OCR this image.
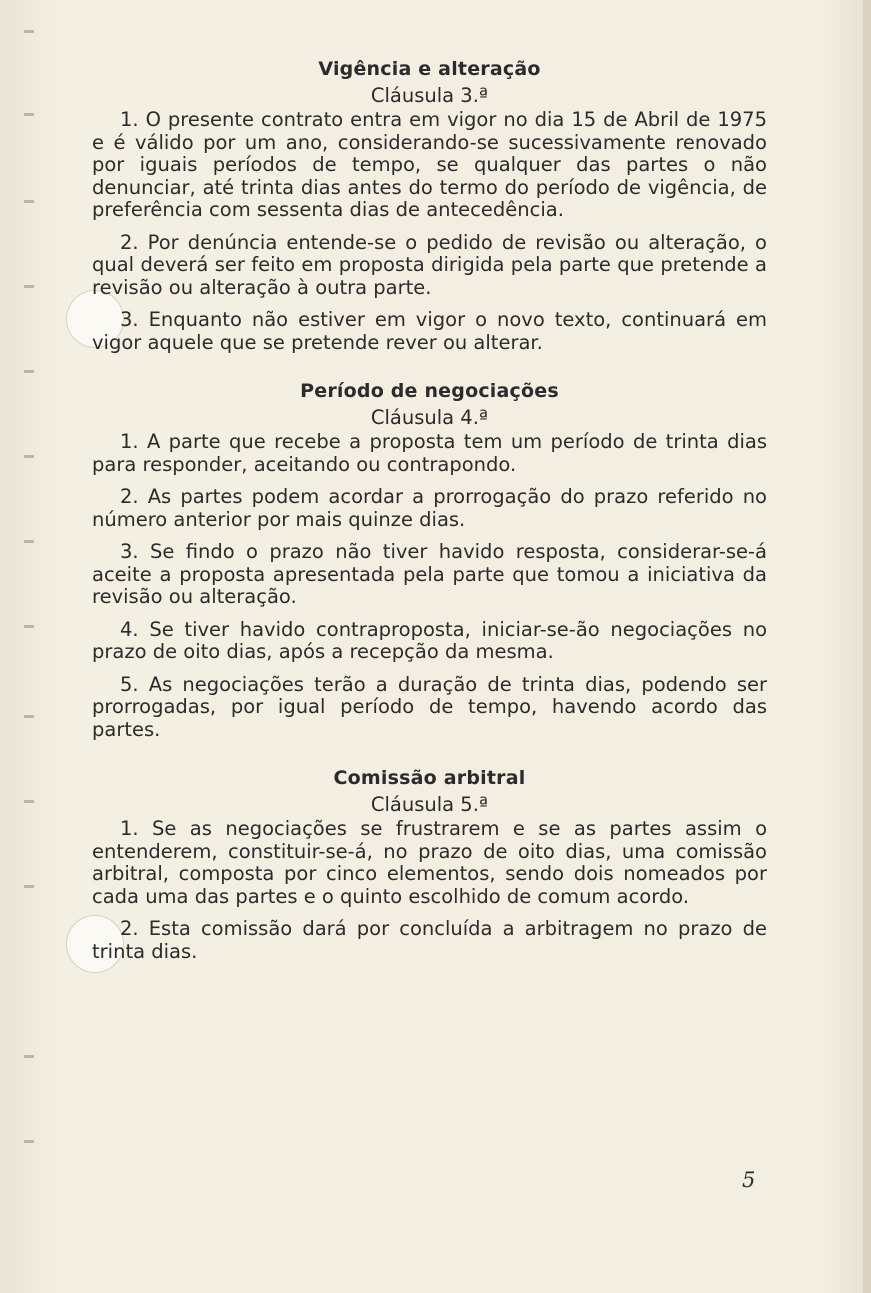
Vigência e alteração
Cláusula 3.ª

1. O presente contrato entra em vigor no dia 15 de Abril de 1975 e é válido por um ano, considerando-se sucessivamente renovado por iguais períodos de tempo, se qualquer das partes o não denunciar, até trinta dias antes do termo do período de vigência, de preferência com sessenta dias de antecedência.

2. Por denúncia entende-se o pedido de revisão ou alteração, o qual deverá ser feito em proposta dirigida pela parte que pretende a revisão ou alteração à outra parte.

3. Enquanto não estiver em vigor o novo texto, continuará em vigor aquele que se pretende rever ou alterar.

Período de negociações
Cláusula 4.ª

1. A parte que recebe a proposta tem um período de trinta dias para responder, aceitando ou contrapondo.

2. As partes podem acordar a prorrogação do prazo referido no número anterior por mais quinze dias.

3. Se findo o prazo não tiver havido resposta, considerar-se-á aceite a proposta apresentada pela parte que tomou a iniciativa da revisão ou alteração.

4. Se tiver havido contraproposta, iniciar-se-ão negociações no prazo de oito dias, após a recepção da mesma.

5. As negociações terão a duração de trinta dias, podendo ser prorrogadas, por igual período de tempo, havendo acordo das partes.

Comissão arbitral
Cláusula 5.ª

1. Se as negociações se frustrarem e se as partes assim o entenderem, constituir-se-á, no prazo de oito dias, uma comissão arbitral, composta por cinco elementos, sendo dois nomeados por cada uma das partes e o quinto escolhido de comum acordo.

2. Esta comissão dará por concluída a arbitragem no prazo de trinta dias.

5
